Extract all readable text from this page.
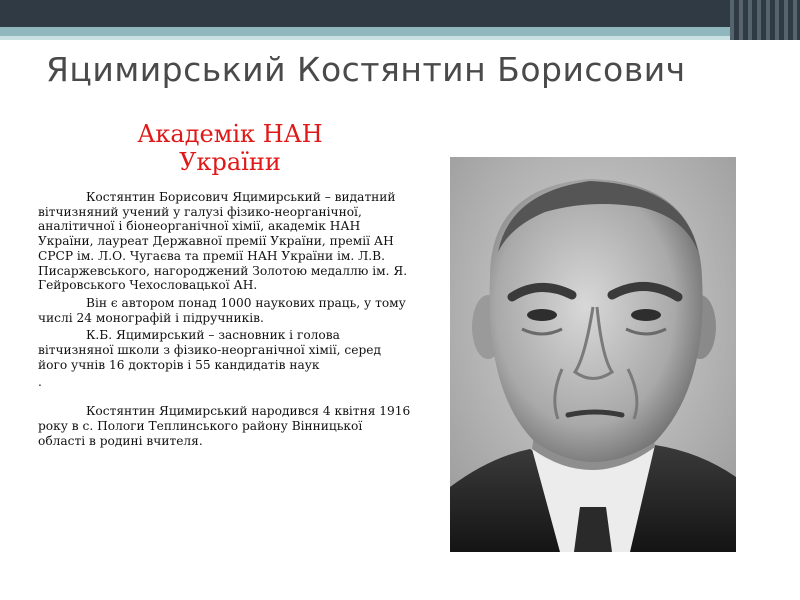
Яцимирський Костянтин Борисович
Академік НАН
України

Костянтин Борисович Яцимирський – видатний вітчизняний учений у галузі фізико-неорганічної, аналітичної і біонеорганічної хімії, академік НАН України, лауреат Державної премії України, премії АН СРСР ім. Л.О. Чугаєва та премії НАН України ім. Л.В. Писаржевського, нагороджений Золотою медаллю ім. Я. Гейровського Чехословацької АН.

Він є автором понад 1000 наукових праць, у тому числі 24 монографій і підручників.

К.Б. Яцимирський – засновник і голова вітчизняної школи з фізико-неорганічної хімії, серед його учнів 16 докторів і 55 кандидатів наук

.

Костянтин Яцимирський народився 4 квітня 1916 року в с. Пологи Теплинського району Вінницької області в родині вчителя.
